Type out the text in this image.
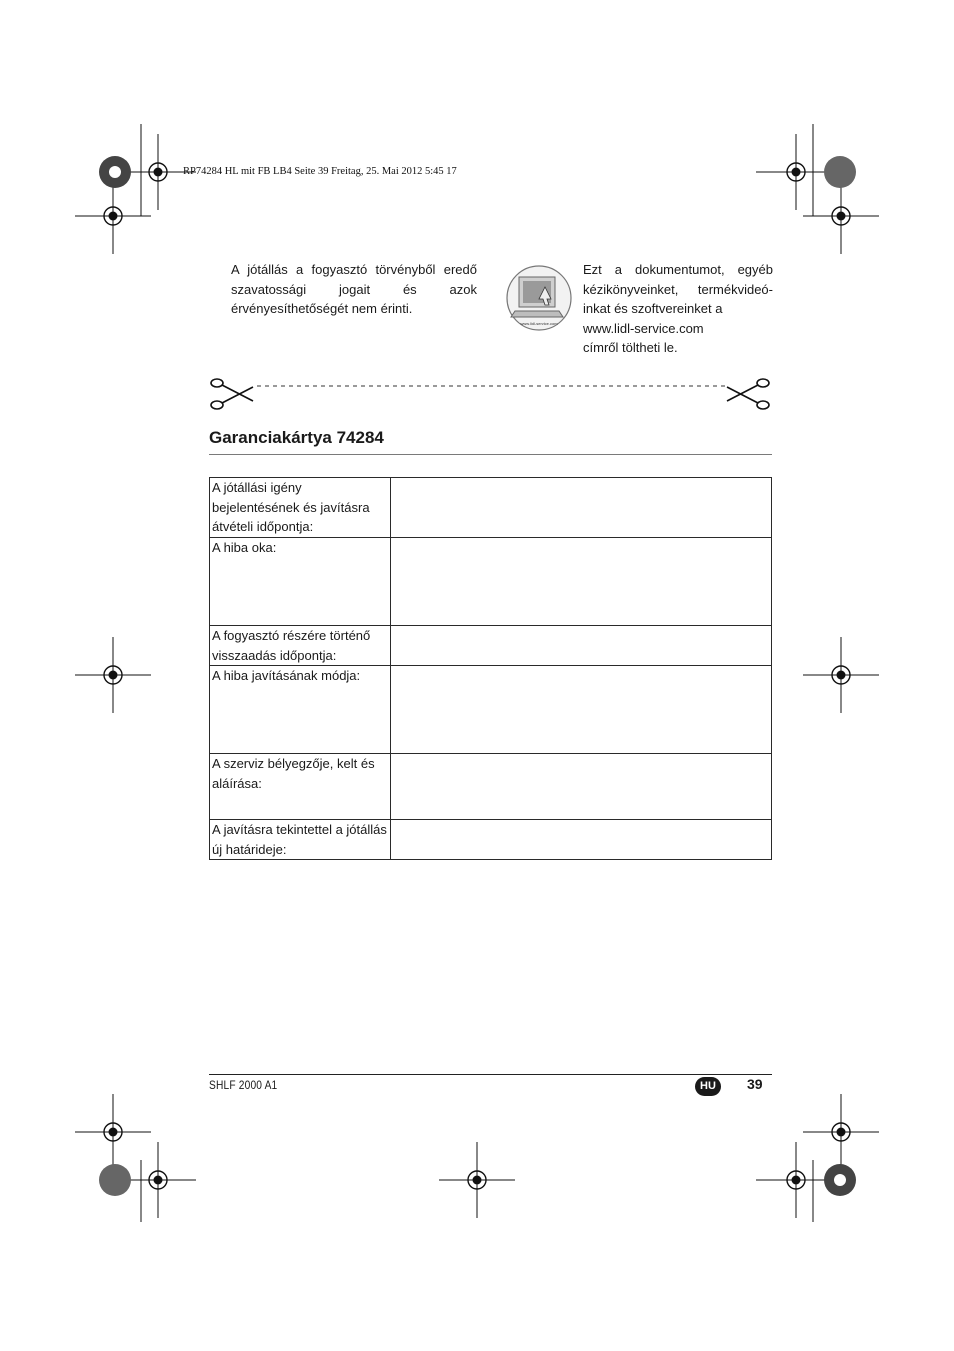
RP74284 HL mit FB LB4 Seite 39 Freitag, 25. Mai 2012 5:45 17
A jótállás a fogyasztó törvényből eredő szavatossági jogait és azok érvényesíthetőségét nem érinti.
www.lidl-service.com
Ezt a dokumentumot, egyéb kézikönyveinket, termékvideó-inkat és szoftvereinket a

www.lidl-service.com
címről töltheti le.
Garanciakártya 74284
A jótállási igény bejelentésének és javításra átvételi időpontja:	
A hiba oka:	
A fogyasztó részére történő visszaadás időpontja:	
A hiba javításának módja:	
A szerviz bélyegzője, kelt és aláírása:	
A javításra tekintettel a jótállás új határideje:	
SHLF 2000 A1	HU	39
